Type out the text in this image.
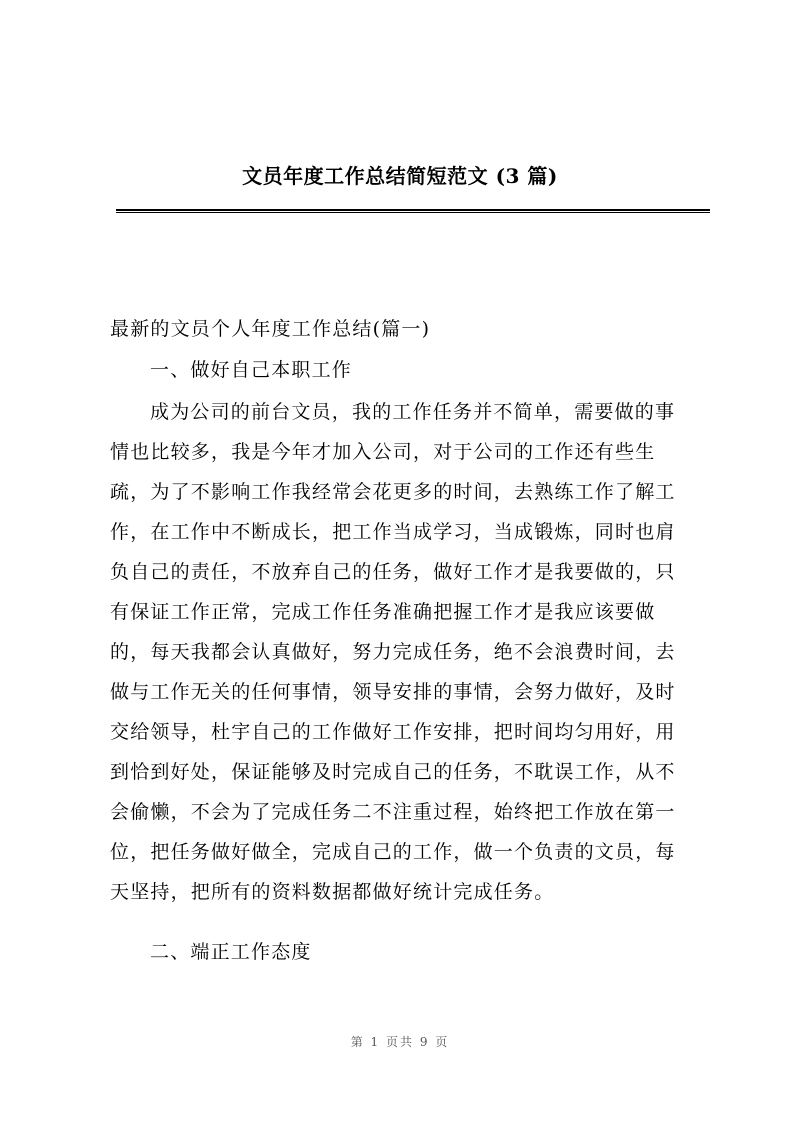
文员年度工作总结简短范文 (3 篇)
最新的文员个人年度工作总结(篇一)
一、做好自己本职工作
成为公司的前台文员，我的工作任务并不简单，需要做的事
情也比较多，我是今年才加入公司，对于公司的工作还有些生
疏，为了不影响工作我经常会花更多的时间，去熟练工作了解工
作，在工作中不断成长，把工作当成学习，当成锻炼，同时也肩
负自己的责任，不放弃自己的任务，做好工作才是我要做的，只
有保证工作正常，完成工作任务准确把握工作才是我应该要做
的，每天我都会认真做好，努力完成任务，绝不会浪费时间，去
做与工作无关的任何事情，领导安排的事情，会努力做好，及时
交给领导，杜宇自己的工作做好工作安排，把时间均匀用好，用
到恰到好处，保证能够及时完成自己的任务，不耽误工作，从不
会偷懒，不会为了完成任务二不注重过程，始终把工作放在第一
位，把任务做好做全，完成自己的工作，做一个负责的文员，每
天坚持，把所有的资料数据都做好统计完成任务。
二、端正工作态度
第 1 页共 9 页
